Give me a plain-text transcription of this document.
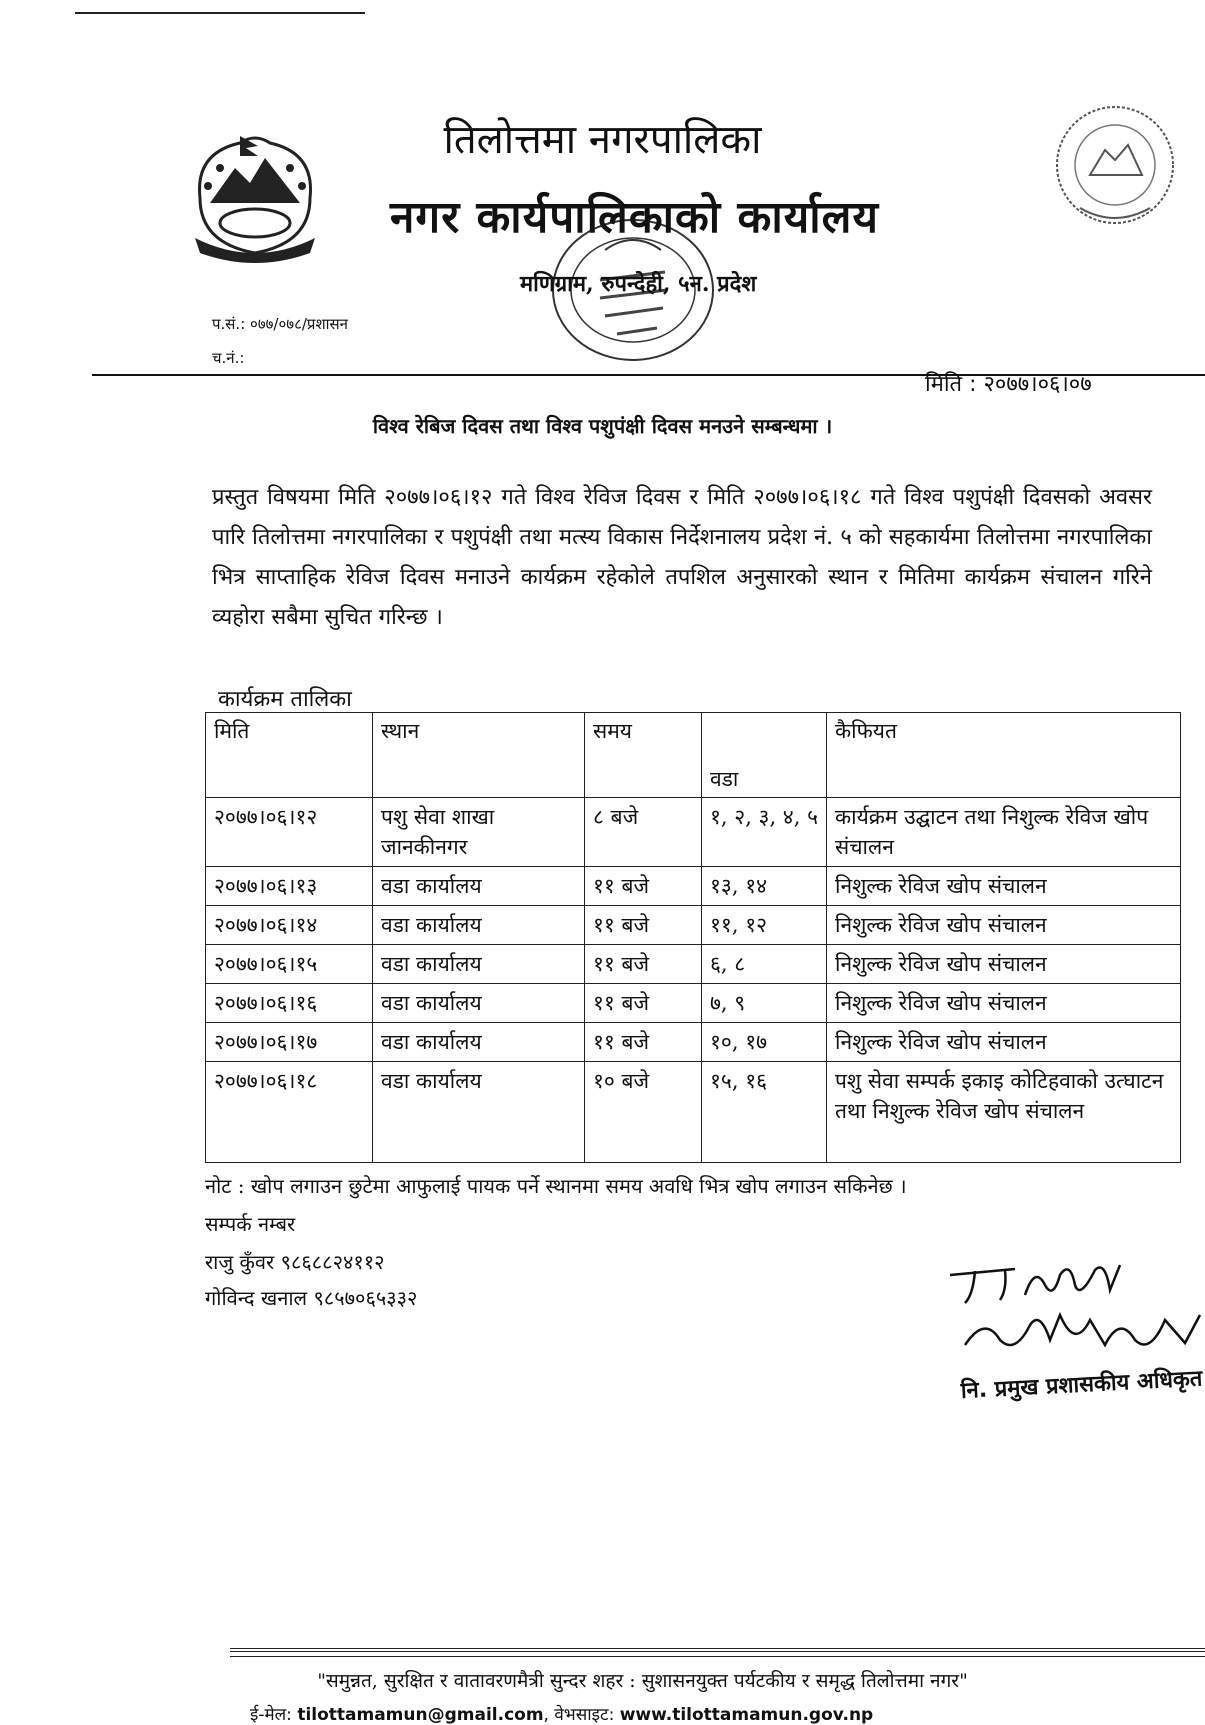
तिलोत्तमा नगरपालिका
नगर कार्यपालिकाको कार्यालय
मणिग्राम, रुपन्देही, ५न. प्रदेश
प.सं.: ०७७/०७८/प्रशासन
च.नं.:
मिति : २०७७।०६।०७
विश्व रेबिज दिवस तथा विश्व पशुपंक्षी दिवस मनउने सम्बन्धमा ।
प्रस्तुत विषयमा मिति २०७७।०६।१२ गते विश्व रेविज दिवस र मिति २०७७।०६।१८ गते विश्व पशुपंक्षी दिवसको अवसर पारि तिलोत्तमा नगरपालिका र पशुपंक्षी तथा मत्स्य विकास निर्देशनालय प्रदेश नं. ५ को सहकार्यमा तिलोत्तमा नगरपालिका भित्र साप्ताहिक रेविज दिवस मनाउने कार्यक्रम रहेकोले तपशिल अनुसारको स्थान र मितिमा कार्यक्रम संचालन गरिने व्यहोरा सबैमा सुचित गरिन्छ ।
कार्यक्रम तालिका
मिति	स्थान	समय	वडा	कैफियत
२०७७।०६।१२	पशु सेवा शाखा जानकीनगर	८ बजे	१, २, ३, ४, ५	कार्यक्रम उद्घाटन तथा निशुल्क रेविज खोप संचालन
२०७७।०६।१३	वडा कार्यालय	११ बजे	१३, १४	निशुल्क रेविज खोप संचालन
२०७७।०६।१४	वडा कार्यालय	११ बजे	११, १२	निशुल्क रेविज खोप संचालन
२०७७।०६।१५	वडा कार्यालय	११ बजे	६, ८	निशुल्क रेविज खोप संचालन
२०७७।०६।१६	वडा कार्यालय	११ बजे	७, ९	निशुल्क रेविज खोप संचालन
२०७७।०६।१७	वडा कार्यालय	११ बजे	१०, १७	निशुल्क रेविज खोप संचालन
२०७७।०६।१८	वडा कार्यालय	१० बजे	१५, १६	पशु सेवा सम्पर्क इकाइ कोटिहवाको उत्घाटन तथा निशुल्क रेविज खोप संचालन
नोट : खोप लगाउन छुटेमा आफुलाई पायक पर्ने स्थानमा समय अवधि भित्र खोप लगाउन सकिनेछ ।
सम्पर्क नम्बर
राजु कुँवर ९८६८८२४११२
गोविन्द खनाल ९८५७०६५३३२
नि. प्रमुख प्रशासकीय अधिकृत
"समुन्नत, सुरक्षित र वातावरणमैत्री सुन्दर शहर : सुशासनयुक्त पर्यटकीय र समृद्ध तिलोत्तमा नगर"
ई-मेल: tilottamamun@gmail.com, वेभसाइट: www.tilottamamun.gov.np
